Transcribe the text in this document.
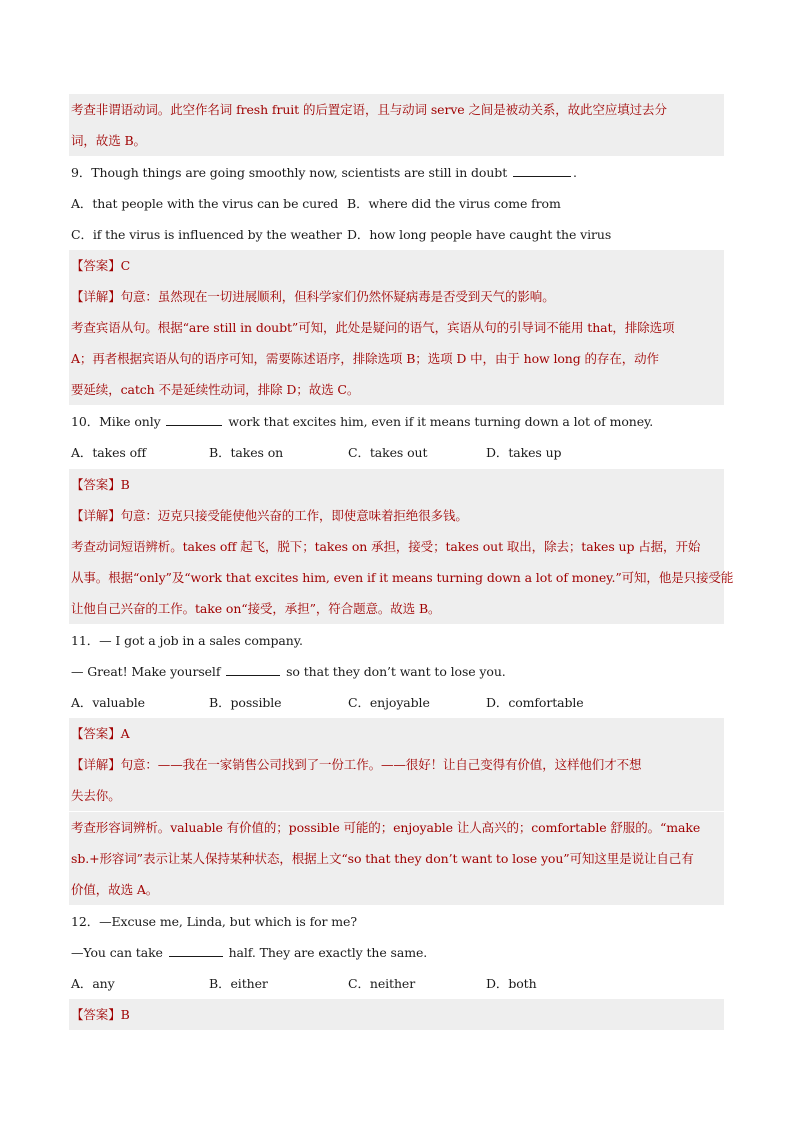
考查非谓语动词。此空作名词 fresh fruit 的后置定语，且与动词 serve 之间是被动关系，故此空应填过去分
词，故选 B。
9．Though things are going smoothly now, scientists are still in doubt	.
A．that people with the virus can be cured B．where did the virus come from
C．if the virus is influenced by the weather D．how long people have caught the virus
【答案】C
【详解】句意：虽然现在一切进展顺利，但科学家们仍然怀疑病毒是否受到天气的影响。
考查宾语从句。根据“are still in doubt”可知，此处是疑问的语气，宾语从句的引导词不能用 that，排除选项
A；再者根据宾语从句的语序可知，需要陈述语序，排除选项 B；选项 D 中，由于 how long 的存在，动作
要延续，catch 不是延续性动词，排除 D；故选 C。
10．Mike only	work that excites him, even if it means turning down a lot of money.
A．takes off	B．takes on	C．takes out	D．takes up
【答案】B
【详解】句意：迈克只接受能使他兴奋的工作，即使意味着拒绝很多钱。
考查动词短语辨析。takes off 起飞，脱下；takes on 承担，接受；takes out 取出，除去；takes up 占据，开始
从事。根据“only”及“work that excites him, even if it means turning down a lot of money.”可知，他是只接受能
让他自己兴奋的工作。take on“接受，承担”，符合题意。故选 B。
11．— I got a job in a sales company.
— Great! Make yourself	so that they don’t want to lose you.
A．valuable	B．possible	C．enjoyable	D．comfortable
【答案】A
【详解】句意：——我在一家销售公司找到了一份工作。——很好！让自己变得有价值，这样他们才不想
失去你。
考查形容词辨析。valuable 有价值的；possible 可能的；enjoyable 让人高兴的；comfortable 舒服的。“make
sb.+形容词”表示让某人保持某种状态，根据上文“so that they don’t want to lose you”可知这里是说让自己有
价值，故选 A。
12．—Excuse me, Linda, but which is for me?
—You can take	half. They are exactly the same.
A．any	B．either	C．neither	D．both
【答案】B
